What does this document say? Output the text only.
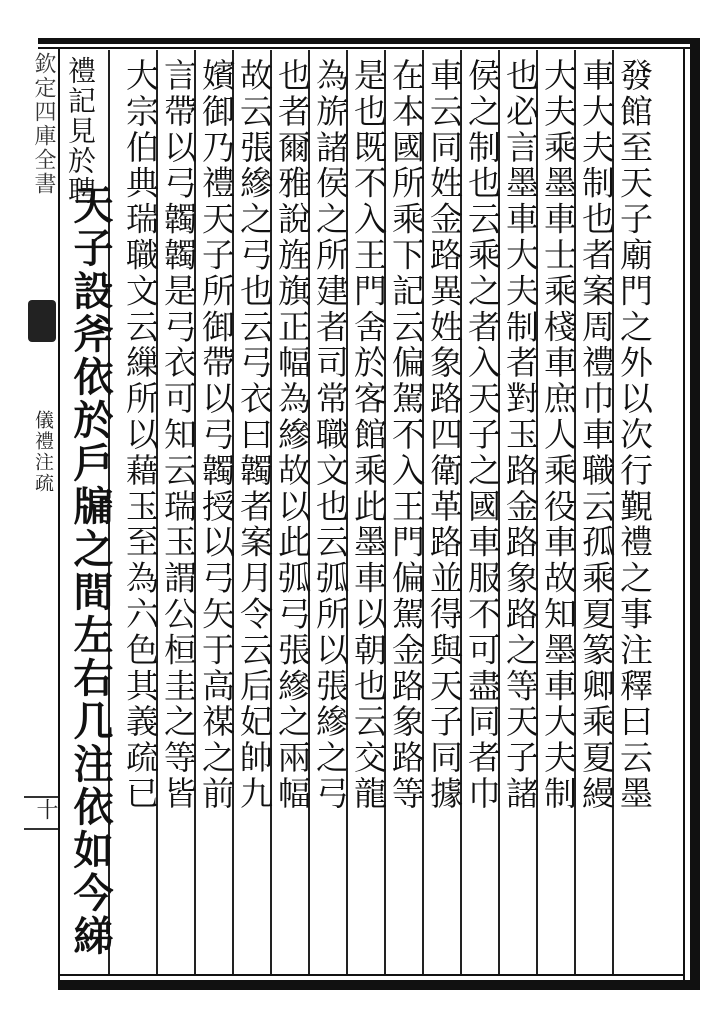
發館至天子廟門之外以次行覲禮之事注釋曰云墨
車大夫制也者案周禮巾車職云孤乘夏篆卿乘夏縵
大夫乘墨車士乘棧車庶人乘役車故知墨車大夫制
也必言墨車大夫制者對玉路金路象路之等天子諸
侯之制也云乘之者入天子之國車服不可盡同者巾
車云同姓金路異姓象路四衛革路並得與天子同據
在本國所乘下記云偏駕不入王門偏駕金路象路等
是也既不入王門舍於客館乘此墨車以朝也云交龍
為旂諸侯之所建者司常職文也云弧所以張縿之弓
也者爾雅說旌旗正幅為縿故以此弧弓張縿之兩幅
故云張縿之弓也云弓衣曰韣者案月令云后妃帥九
嬪御乃禮天子所御帶以弓韣授以弓矢于高禖之前
言帶以弓韣韣是弓衣可知云瑞玉謂公桓圭之等皆
大宗伯典瑞職文云繅所以藉玉至為六色其義疏已
天子設斧依於戶牖之間左右几注依如今綈
禮記見於聘
欽定四庫全書
儀禮注疏
十
